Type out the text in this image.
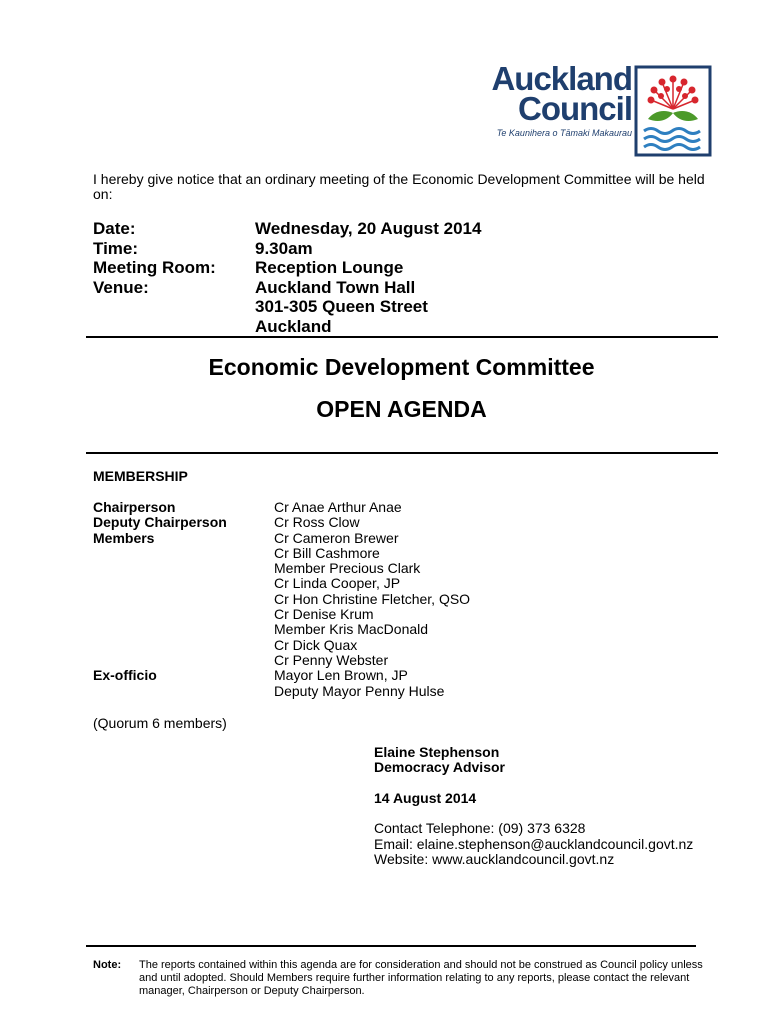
Auckland
Council
Te Kaunihera o Tāmaki Makaurau
I hereby give notice that an ordinary meeting of the Economic Development Committee will be held on:
Date:	Wednesday, 20 August 2014
Time:	9.30am
Meeting Room:	Reception Lounge
Venue:	Auckland Town Hall
301-305 Queen Street
Auckland
Economic Development Committee
OPEN AGENDA
MEMBERSHIP
Chairperson	Cr Anae Arthur Anae
Deputy Chairperson	Cr Ross Clow
Members	Cr Cameron Brewer
Cr Bill Cashmore
Member Precious Clark
Cr Linda Cooper, JP
Cr Hon Christine Fletcher, QSO
Cr Denise Krum
Member Kris MacDonald
Cr Dick Quax
Cr Penny Webster
Ex-officio	Mayor Len Brown, JP
Deputy Mayor Penny Hulse
(Quorum 6 members)
Elaine Stephenson
Democracy Advisor
14 August 2014
Contact Telephone: (09) 373 6328
Email: elaine.stephenson@aucklandcouncil.govt.nz
Website: www.aucklandcouncil.govt.nz
Note:	The reports contained within this agenda are for consideration and should not be construed as Council policy unless and until adopted. Should Members require further information relating to any reports, please contact the relevant manager, Chairperson or Deputy Chairperson.
